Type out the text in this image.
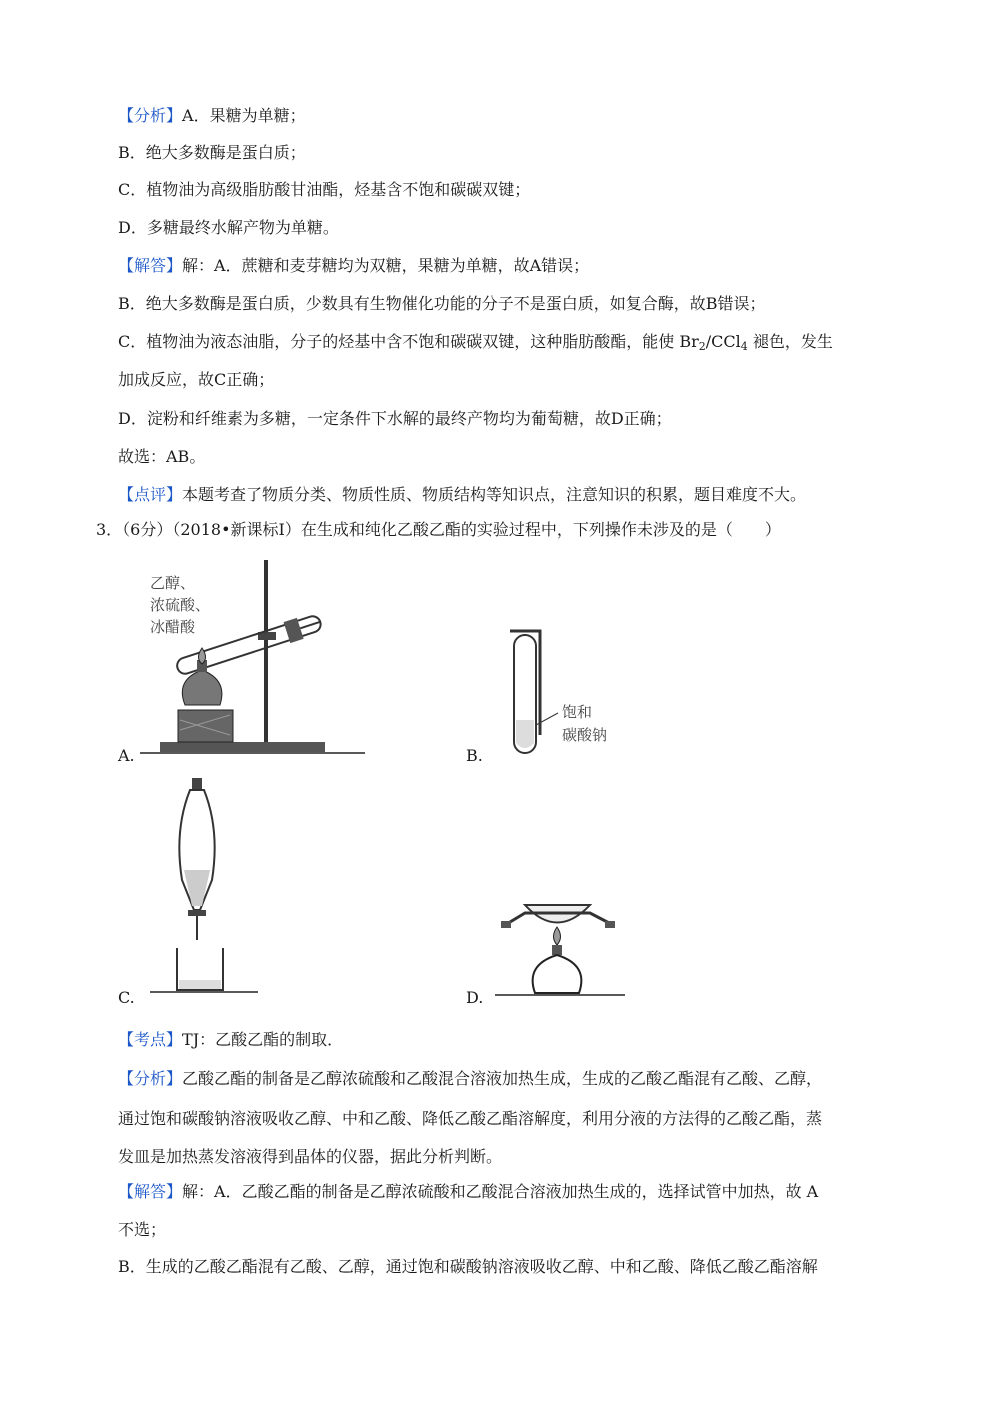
【分析】A．果糖为单糖；
B．绝大多数酶是蛋白质；
C．植物油为高级脂肪酸甘油酯，烃基含不饱和碳碳双键；
D．多糖最终水解产物为单糖。
【解答】解：A．蔗糖和麦芽糖均为双糖，果糖为单糖，故A错误；
B．绝大多数酶是蛋白质，少数具有生物催化功能的分子不是蛋白质，如复合酶，故B错误；
C．植物油为液态油脂，分子的烃基中含不饱和碳碳双键，这种脂肪酸酯，能使 $Br_2/CCl_4$ 褪色，发生
加成反应，故C正确；
D．淀粉和纤维素为多糖，一定条件下水解的最终产物均为葡萄糖，故D正确；
故选：AB。
【点评】本题考查了物质分类、物质性质、物质结构等知识点，注意知识的积累，题目难度不大。
3．（6分）（2018•新课标Ⅰ）在生成和纯化乙酸乙酯的实验过程中，下列操作未涉及的是（　　）
A.
乙醇、
浓硫酸、
冰醋酸
B.
饱和
碳酸钠
C.	D.
【考点】TJ：乙酸乙酯的制取．
【分析】乙酸乙酯的制备是乙醇浓硫酸和乙酸混合溶液加热生成，生成的乙酸乙酯混有乙酸、乙醇，
通过饱和碳酸钠溶液吸收乙醇、中和乙酸、降低乙酸乙酯溶解度，利用分液的方法得的乙酸乙酯，蒸
发皿是加热蒸发溶液得到晶体的仪器，据此分析判断。
【解答】解：A．乙酸乙酯的制备是乙醇浓硫酸和乙酸混合溶液加热生成的，选择试管中加热，故 A
不选；
B．生成的乙酸乙酯混有乙酸、乙醇，通过饱和碳酸钠溶液吸收乙醇、中和乙酸、降低乙酸乙酯溶解
